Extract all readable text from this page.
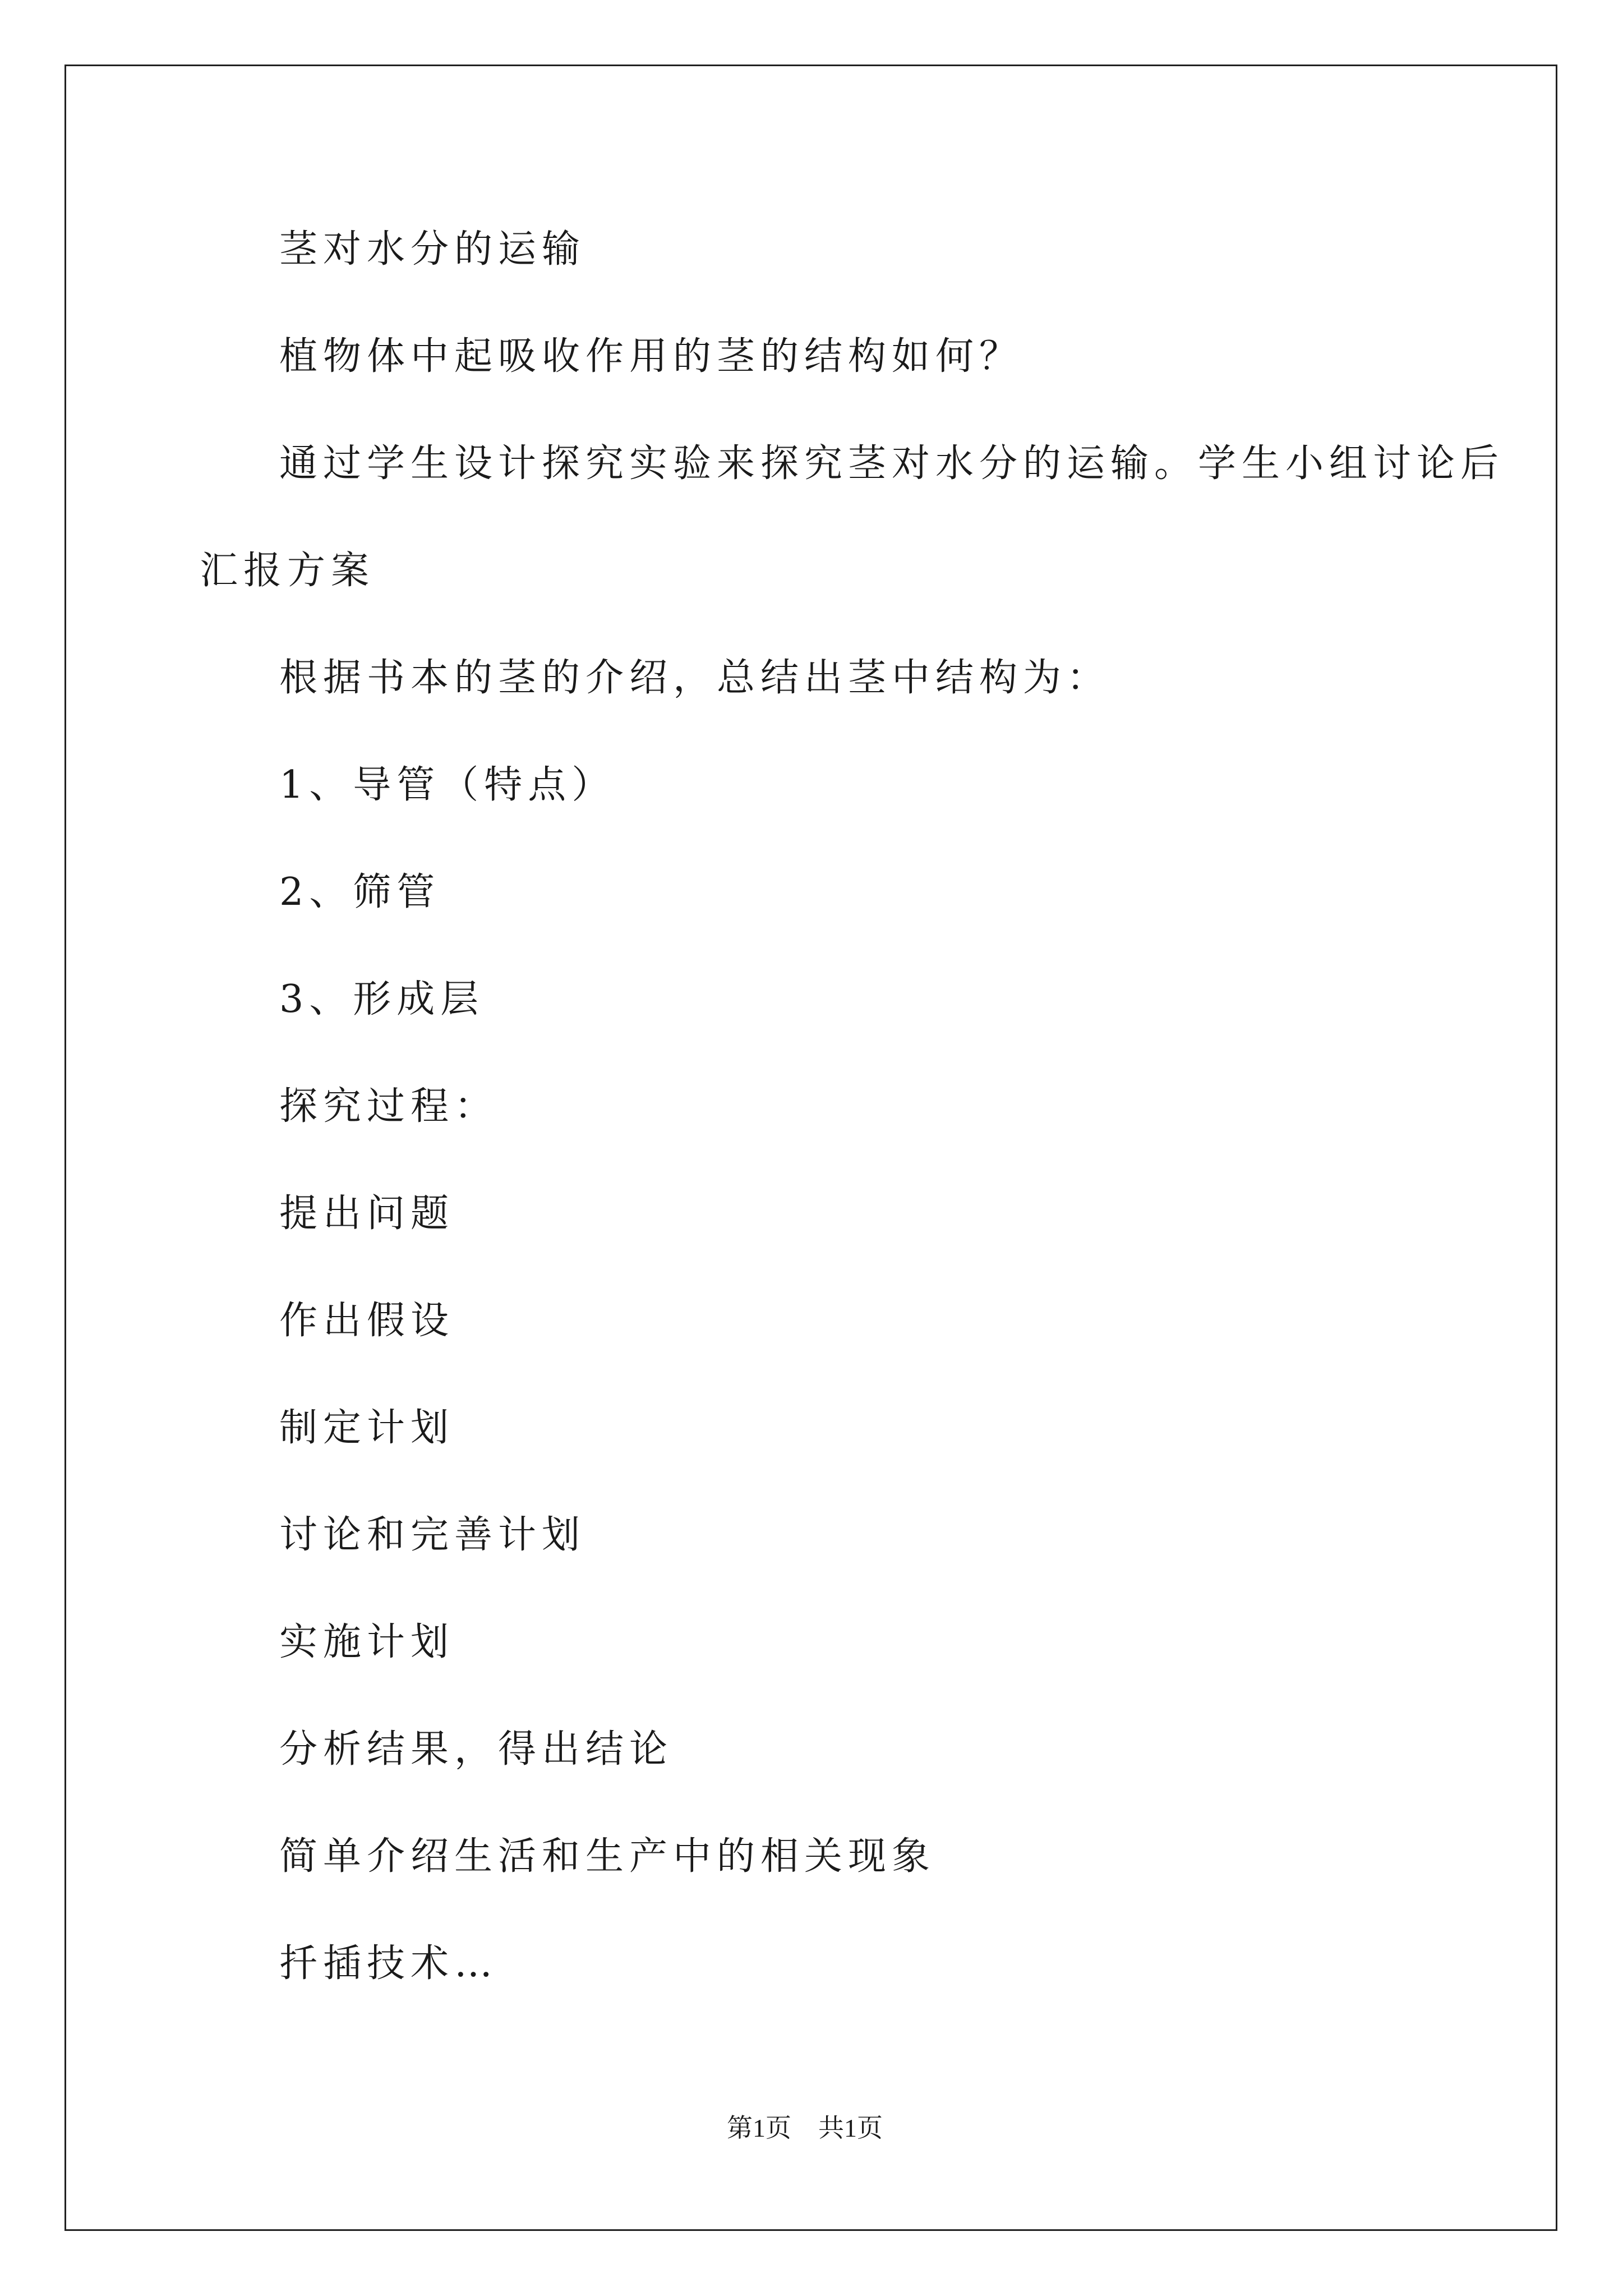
茎对水分的运输

植物体中起吸收作用的茎的结构如何？

通过学生设计探究实验来探究茎对水分的运输。学生小组讨论后

汇报方案

根据书本的茎的介绍，总结出茎中结构为：

1、导管（特点）

2、筛管

3、形成层

探究过程：

提出问题

作出假设

制定计划

讨论和完善计划

实施计划

分析结果，得出结论

简单介绍生活和生产中的相关现象

扦插技术…

第1页 共1页
